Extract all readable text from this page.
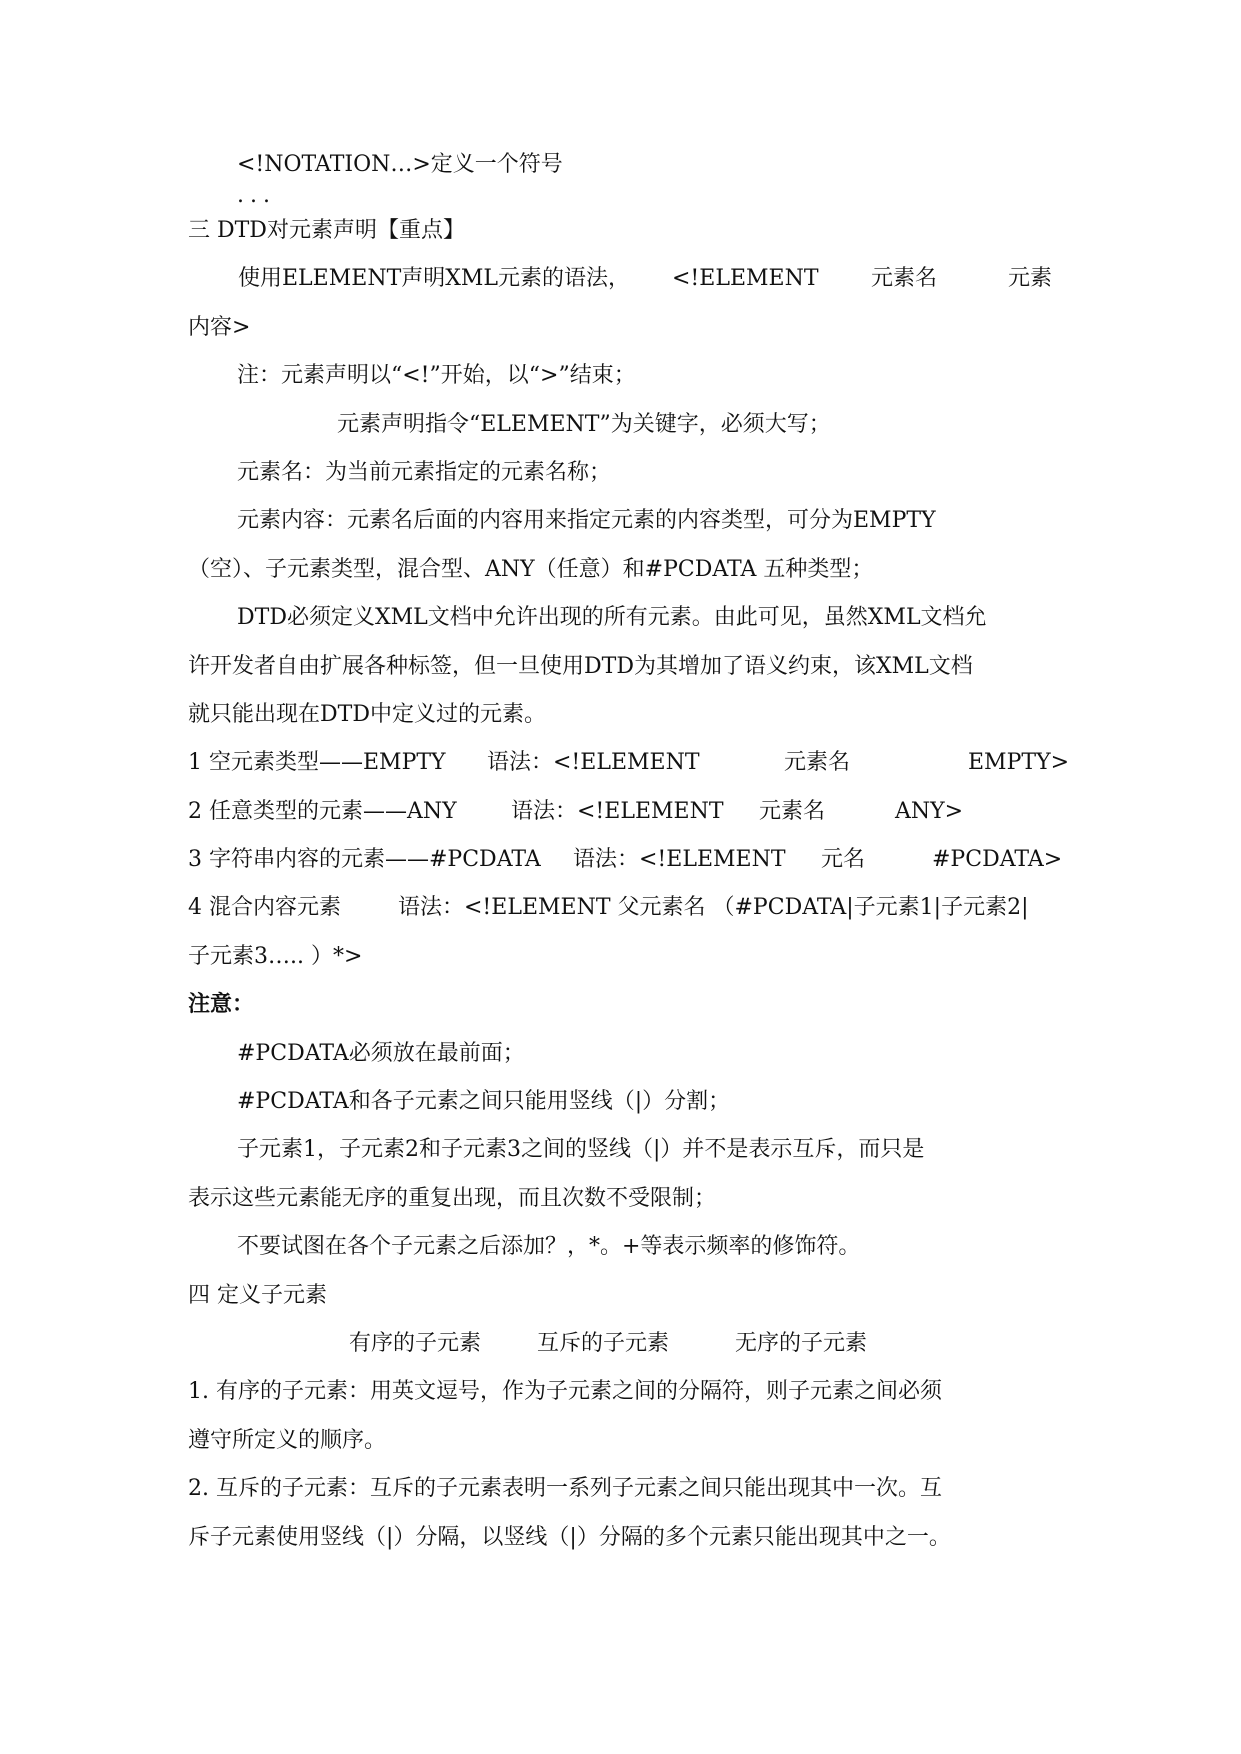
<!NOTATION…>定义一个符号
...
三 DTD对元素声明【重点】
使用ELEMENT声明XML元素的语法， <!ELEMENT 元素名	元素
内容>
注：元素声明以“<!”开始，以“>”结束；
元素声明指令“ELEMENT”为关键字，必须大写；
元素名：为当前元素指定的元素名称；
元素内容：元素名后面的内容用来指定元素的内容类型，可分为EMPTY
（空）、子元素类型，混合型、ANY（任意）和#PCDATA 五种类型；
DTD必须定义XML文档中允许出现的所有元素。由此可见，虽然XML文档允
许开发者自由扩展各种标签，但一旦使用DTD为其增加了语义约束，该XML文档
就只能出现在DTD中定义过的元素。
1 空元素类型——EMPTY 语法：<!ELEMENT	元素名	EMPTY>
2 任意类型的元素——ANY 语法：<!ELEMENT 元素名	ANY>
3 字符串内容的元素——#PCDATA 语法：<!ELEMENT 元名	#PCDATA>
4 混合内容元素	语法：<!ELEMENT 父元素名 （#PCDATA|子元素1|子元素2|
子元素3….. ）*>
注意：
#PCDATA必须放在最前面；
#PCDATA和各子元素之间只能用竖线（|）分割；
子元素1，子元素2和子元素3之间的竖线（|）并不是表示互斥，而只是
表示这些元素能无序的重复出现，而且次数不受限制；
不要试图在各个子元素之后添加？，*。+等表示频率的修饰符。
四 定义子元素
有序的子元素	互斥的子元素	无序的子元素
1. 有序的子元素：用英文逗号，作为子元素之间的分隔符，则子元素之间必须
遵守所定义的顺序。
2. 互斥的子元素：互斥的子元素表明一系列子元素之间只能出现其中一次。互
斥子元素使用竖线（|）分隔，以竖线（|）分隔的多个元素只能出现其中之一。
